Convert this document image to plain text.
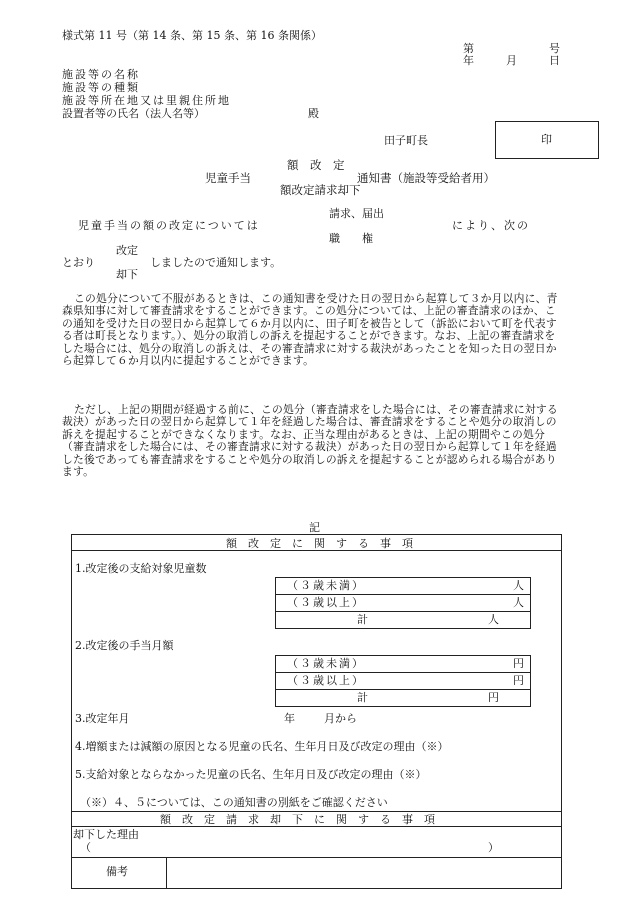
様式第 11 号（第 14 条、第 15 条、第 16 条関係）
第	号
年	月	日
施設等の名称
施設等の種類
施設等所在地又は里親住所地
設置者等の氏名（法人名等）	殿
田子町長	印
額　改　定
児童手当	通知書（施設等受給者用）
額改定請求却下
請求、届出
児童手当の額の改定については	により、次の
職　　権
改定
とおり	しましたので通知します。
却下
この処分について不服があるときは、この通知書を受けた日の翌日から起算して３か月以内に、青森県知事に対して審査請求をすることができます。この処分については、上記の審査請求のほか、この通知を受けた日の翌日から起算して６か月以内に、田子町を被告として（訴訟において町を代表する者は町長となります。）、処分の取消しの訴えを提起することができます。なお、上記の審査請求をした場合には、処分の取消しの訴えは、その審査請求に対する裁決があったことを知った日の翌日から起算して６か月以内に提起することができます。
ただし、上記の期間が経過する前に、この処分（審査請求をした場合には、その審査請求に対する裁決）があった日の翌日から起算して１年を経過した場合は、審査請求をすることや処分の取消しの訴えを提起することができなくなります。なお、正当な理由があるときは、上記の期間やこの処分（審査請求をした場合には、その審査請求に対する裁決）があった日の翌日から起算して１年を経過した後であっても審査請求をすることや処分の取消しの訴えを提起することが認められる場合があります。
記
額　改　定　に　関　す　る　事　項
1.改定後の支給対象児童数
（３歳未満）	人
（３歳以上）	人
計	人
2.改定後の手当月額
（３歳未満）	円
（３歳以上）	円
計	円
3.改定年月	年	月から
4.増額または減額の原因となる児童の氏名、生年月日及び改定の理由（※）
5.支給対象とならなかった児童の氏名、生年月日及び改定の理由（※）
（※）４、５については、この通知書の別紙をご確認ください
額　改　定　請　求　却　下　に　関　す　る　事　項
却下した理由
（	）
備考
